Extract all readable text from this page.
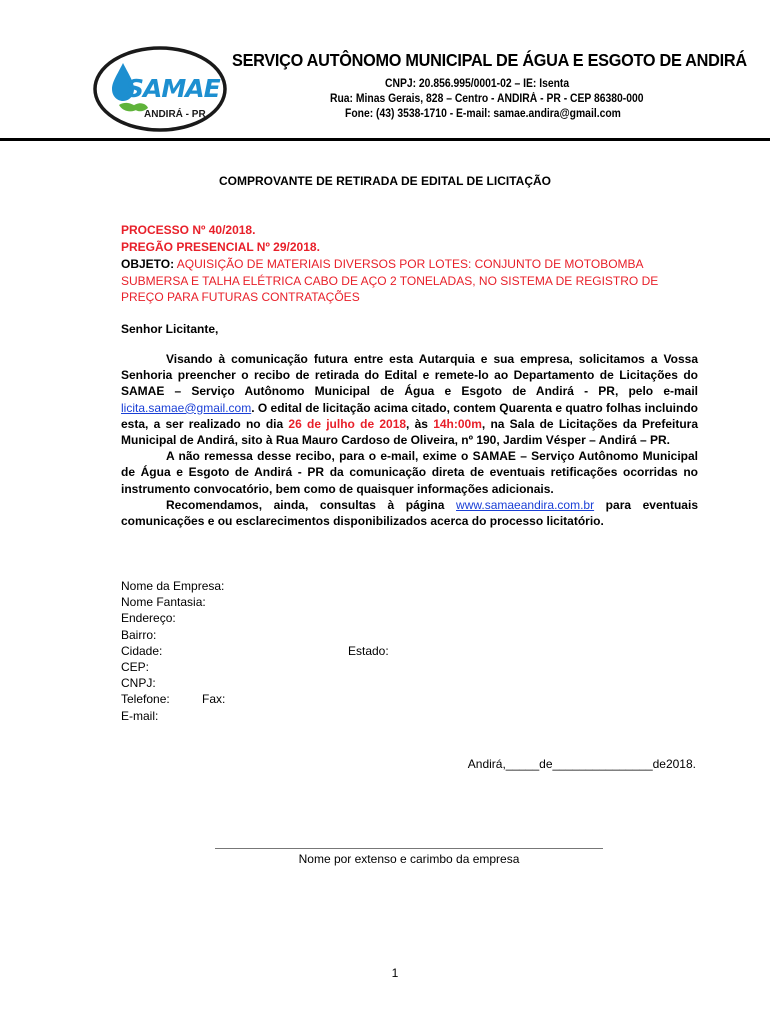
SAMAE
ANDIRÁ - PR
SERVIÇO AUTÔNOMO MUNICIPAL DE ÁGUA E ESGOTO DE ANDIRÁ
CNPJ: 20.856.995/0001-02 – IE: Isenta
Rua: Minas Gerais, 828 – Centro - ANDIRÁ - PR - CEP 86380-000
Fone: (43) 3538-1710 - E-mail: samae.andira@gmail.com
COMPROVANTE DE RETIRADA DE EDITAL DE LICITAÇÃO
PROCESSO Nº 40/2018.
PREGÃO PRESENCIAL Nº 29/2018.
OBJETO: AQUISIÇÃO DE MATERIAIS DIVERSOS POR LOTES: CONJUNTO DE MOTOBOMBA SUBMERSA E TALHA ELÉTRICA CABO DE AÇO 2 TONELADAS, NO SISTEMA DE REGISTRO DE PREÇO PARA FUTURAS CONTRATAÇÕES
Senhor Licitante,

Visando à comunicação futura entre esta Autarquia e sua empresa, solicitamos a Vossa Senhoria preencher o recibo de retirada do Edital e remete-lo ao Departamento de Licitações do SAMAE – Serviço Autônomo Municipal de Água e Esgoto de Andirá - PR, pelo e-mail licita.samae@gmail.com. O edital de licitação acima citado, contem Quarenta e quatro folhas incluindo esta, a ser realizado no dia 26 de julho de 2018, às 14h:00m, na Sala de Licitações da Prefeitura Municipal de Andirá, sito à Rua Mauro Cardoso de Oliveira, nº 190, Jardim Vésper – Andirá – PR.

A não remessa desse recibo, para o e-mail, exime o SAMAE – Serviço Autônomo Municipal de Água e Esgoto de Andirá - PR da comunicação direta de eventuais retificações ocorridas no instrumento convocatório, bem como de quaisquer informações adicionais.

Recomendamos, ainda, consultas à página www.samaeandira.com.br para eventuais comunicações e ou esclarecimentos disponibilizados acerca do processo licitatório.

Nome da Empresa:
Nome Fantasia:
Endereço:
Bairro:
Cidade:	Estado:
CEP:
CNPJ:
Telefone:	Fax:
E-mail:
Andirá,_____de_______________de2018.
Nome por extenso e carimbo da empresa
1
